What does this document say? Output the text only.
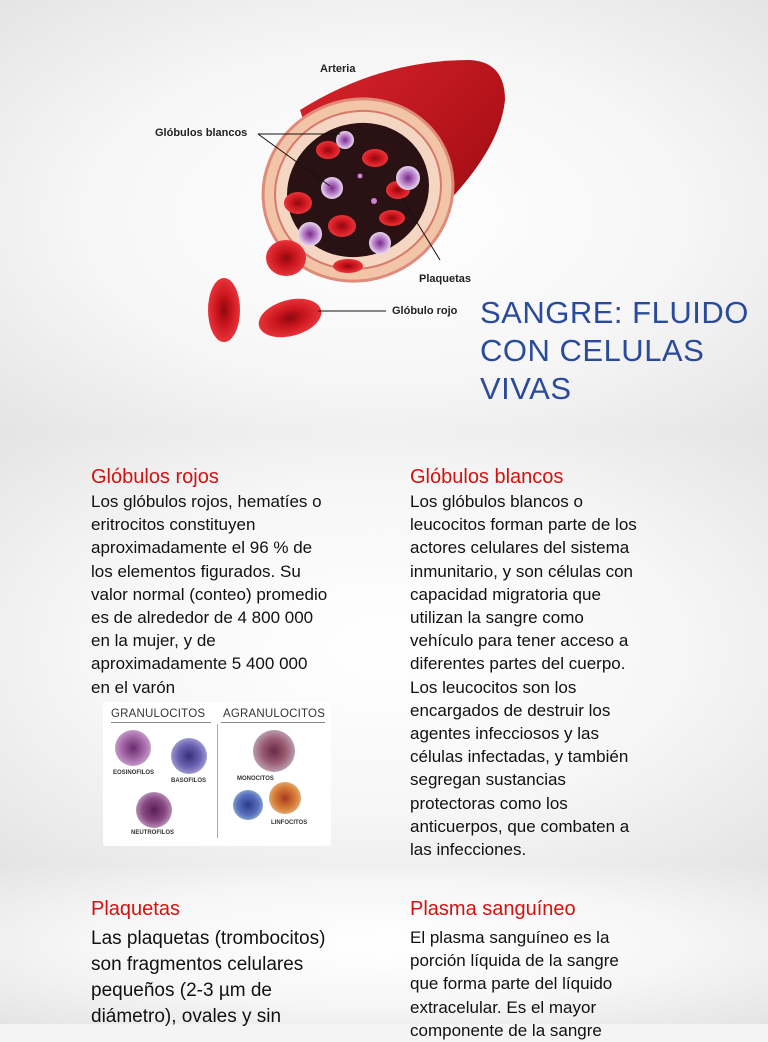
Arteria
Glóbulos blancos
Plaquetas
Glóbulo rojo SANGRE: FLUIDO
CON CELULAS
VIVAS
Glóbulos rojos
Los glóbulos rojos, hematíes o
eritrocitos constituyen
aproximadamente el 96 % de
los elementos figurados. Su
valor normal (conteo) promedio
es de alrededor de 4 800 000
en la mujer, y de
aproximadamente 5 400 000
en el varón
GRANULOCITOS AGRANULOCITOS
EOSINOFILOS
BASOFILOS
NEUTROFILOS
MONOCITOS
LINFOCITOS
Glóbulos blancos
Los glóbulos blancos o
leucocitos forman parte de los
actores celulares del sistema
inmunitario, y son células con
capacidad migratoria que
utilizan la sangre como
vehículo para tener acceso a
diferentes partes del cuerpo.
Los leucocitos son los
encargados de destruir los
agentes infecciosos y las
células infectadas, y también
segregan sustancias
protectoras como los
anticuerpos, que combaten a
las infecciones.
Plaquetas
Las plaquetas (trombocitos)
son fragmentos celulares
pequeños (2-3 µm de
diámetro), ovales y sin
Plasma sanguíneo
El plasma sanguíneo es la
porción líquida de la sangre
que forma parte del líquido
extracelular. Es el mayor
componente de la sangre
